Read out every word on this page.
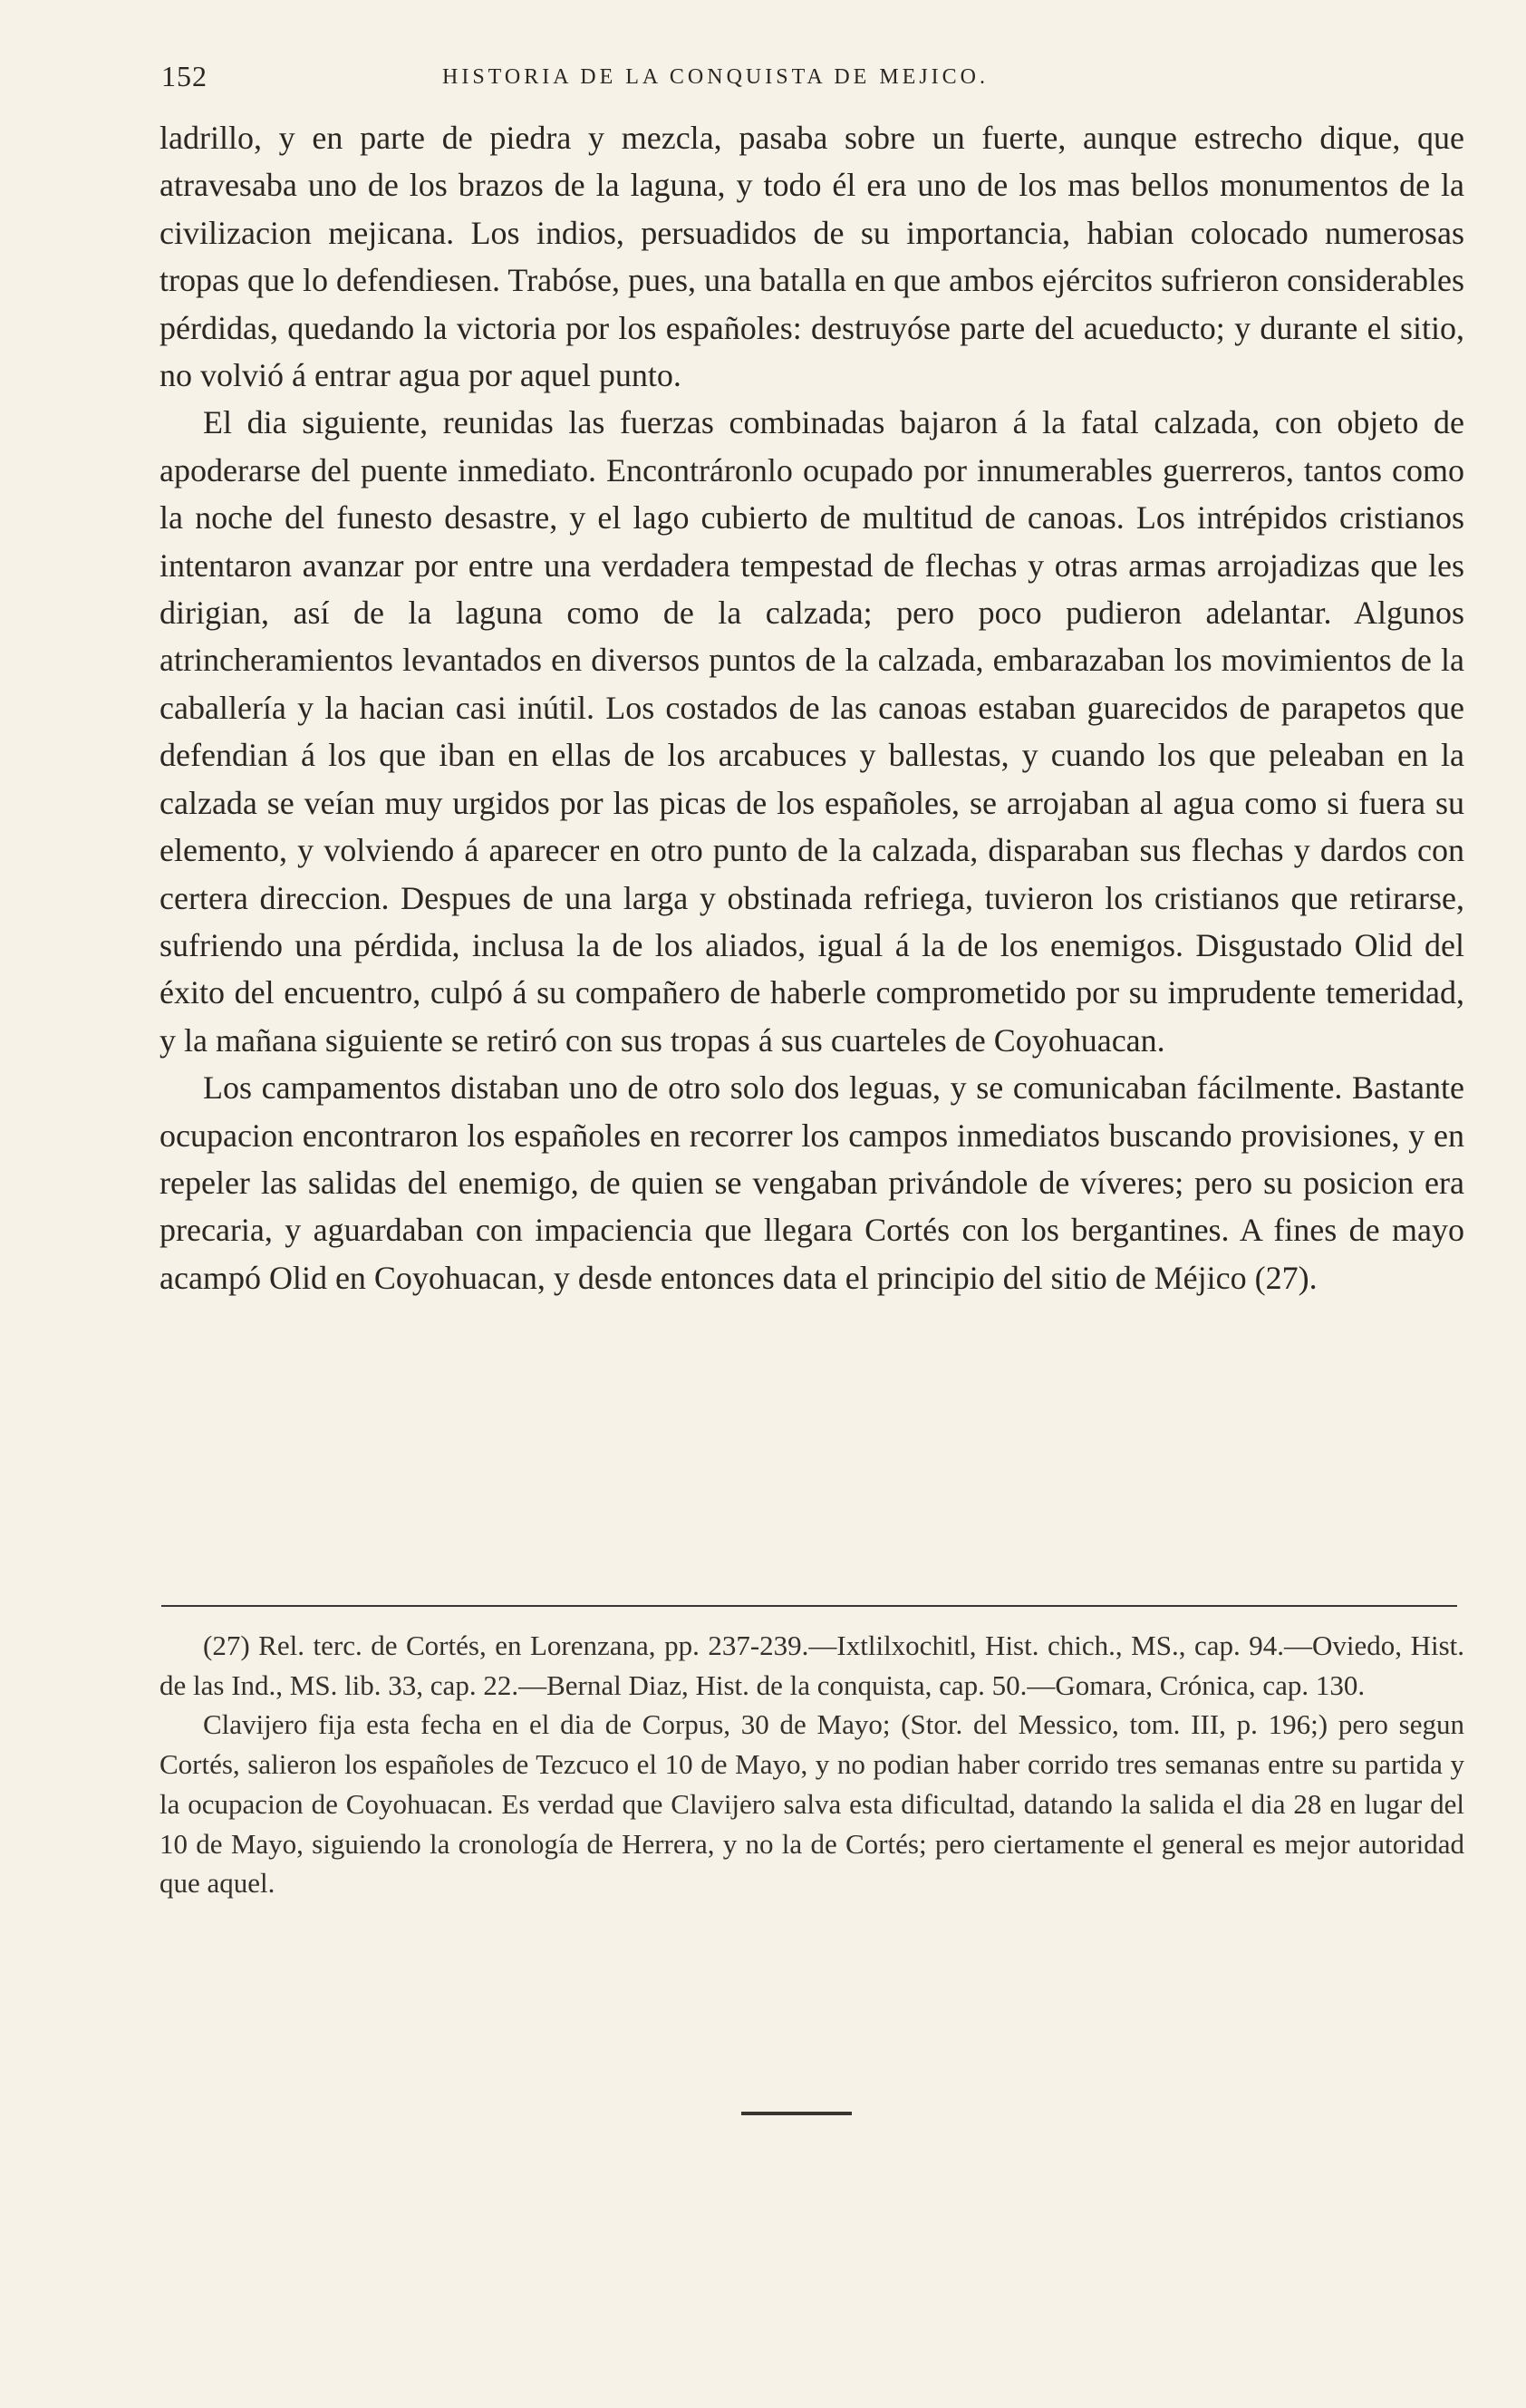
152	HISTORIA DE LA CONQUISTA DE MEJICO.

ladrillo, y en parte de piedra y mezcla, pasaba sobre un fuerte, aunque estrecho dique, que atravesaba uno de los brazos de la laguna, y todo él era uno de los mas bellos monumentos de la civilizacion mejicana. Los indios, persuadidos de su importancia, habian colocado numerosas tropas que lo defendiesen. Trabóse, pues, una batalla en que ambos ejércitos sufrieron considerables pérdidas, quedando la victoria por los españoles: destruyóse parte del acueducto; y durante el sitio, no volvió á entrar agua por aquel punto.

El dia siguiente, reunidas las fuerzas combinadas bajaron á la fatal calzada, con objeto de apoderarse del puente inmediato. Encontráronlo ocupado por innumerables guerreros, tantos como la noche del funesto desastre, y el lago cubierto de multitud de canoas. Los intrépidos cristianos intentaron avanzar por entre una verdadera tempestad de flechas y otras armas arrojadizas que les dirigian, así de la laguna como de la calzada; pero poco pudieron adelantar. Algunos atrincheramientos levantados en diversos puntos de la calzada, embarazaban los movimientos de la caballería y la hacian casi inútil. Los costados de las canoas estaban guarecidos de parapetos que defendian á los que iban en ellas de los arcabuces y ballestas, y cuando los que peleaban en la calzada se veían muy urgidos por las picas de los españoles, se arrojaban al agua como si fuera su elemento, y volviendo á aparecer en otro punto de la calzada, disparaban sus flechas y dardos con certera direccion. Despues de una larga y obstinada refriega, tuvieron los cristianos que retirarse, sufriendo una pérdida, inclusa la de los aliados, igual á la de los enemigos. Disgustado Olid del éxito del encuentro, culpó á su compañero de haberle comprometido por su imprudente temeridad, y la mañana siguiente se retiró con sus tropas á sus cuarteles de Coyohuacan.

Los campamentos distaban uno de otro solo dos leguas, y se comunicaban fácilmente. Bastante ocupacion encontraron los españoles en recorrer los campos inmediatos buscando provisiones, y en repeler las salidas del enemigo, de quien se vengaban privándole de víveres; pero su posicion era precaria, y aguardaban con impaciencia que llegara Cortés con los bergantines. A fines de mayo acampó Olid en Coyohuacan, y desde entonces data el principio del sitio de Méjico (27).

(27) Rel. terc. de Cortés, en Lorenzana, pp. 237-239.—Ixtlilxochitl, Hist. chich., MS., cap. 94.—Oviedo, Hist. de las Ind., MS. lib. 33, cap. 22.—Bernal Diaz, Hist. de la conquista, cap. 50.—Gomara, Crónica, cap. 130.

Clavijero fija esta fecha en el dia de Corpus, 30 de Mayo; (Stor. del Messico, tom. III, p. 196;) pero segun Cortés, salieron los españoles de Tezcuco el 10 de Mayo, y no podian haber corrido tres semanas entre su partida y la ocupacion de Coyohuacan. Es verdad que Clavijero salva esta dificultad, datando la salida el dia 28 en lugar del 10 de Mayo, siguiendo la cronología de Herrera, y no la de Cortés; pero ciertamente el general es mejor autoridad que aquel.
